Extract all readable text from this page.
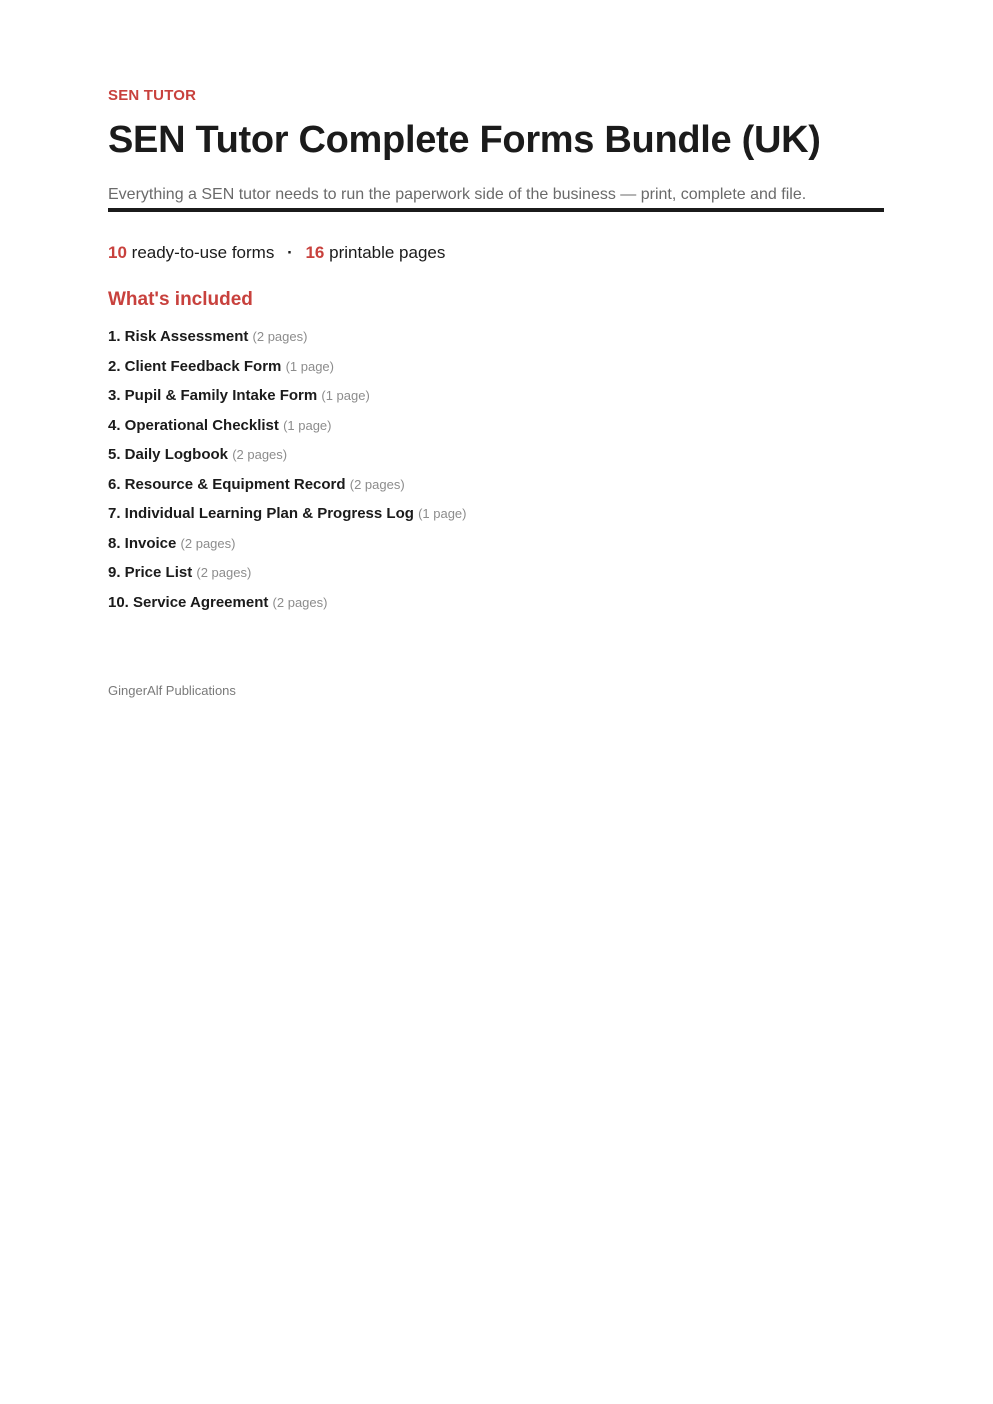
SEN TUTOR

SEN Tutor Complete Forms Bundle (UK)

Everything a SEN tutor needs to run the paperwork side of the business — print, complete and file.

10 ready-to-use forms · 16 printable pages

What's included
1. Risk Assessment (2 pages)
2. Client Feedback Form (1 page)
3. Pupil & Family Intake Form (1 page)
4. Operational Checklist (1 page)
5. Daily Logbook (2 pages)
6. Resource & Equipment Record (2 pages)
7. Individual Learning Plan & Progress Log (1 page)
8. Invoice (2 pages)
9. Price List (2 pages)
10. Service Agreement (2 pages)
GingerAlf Publications
